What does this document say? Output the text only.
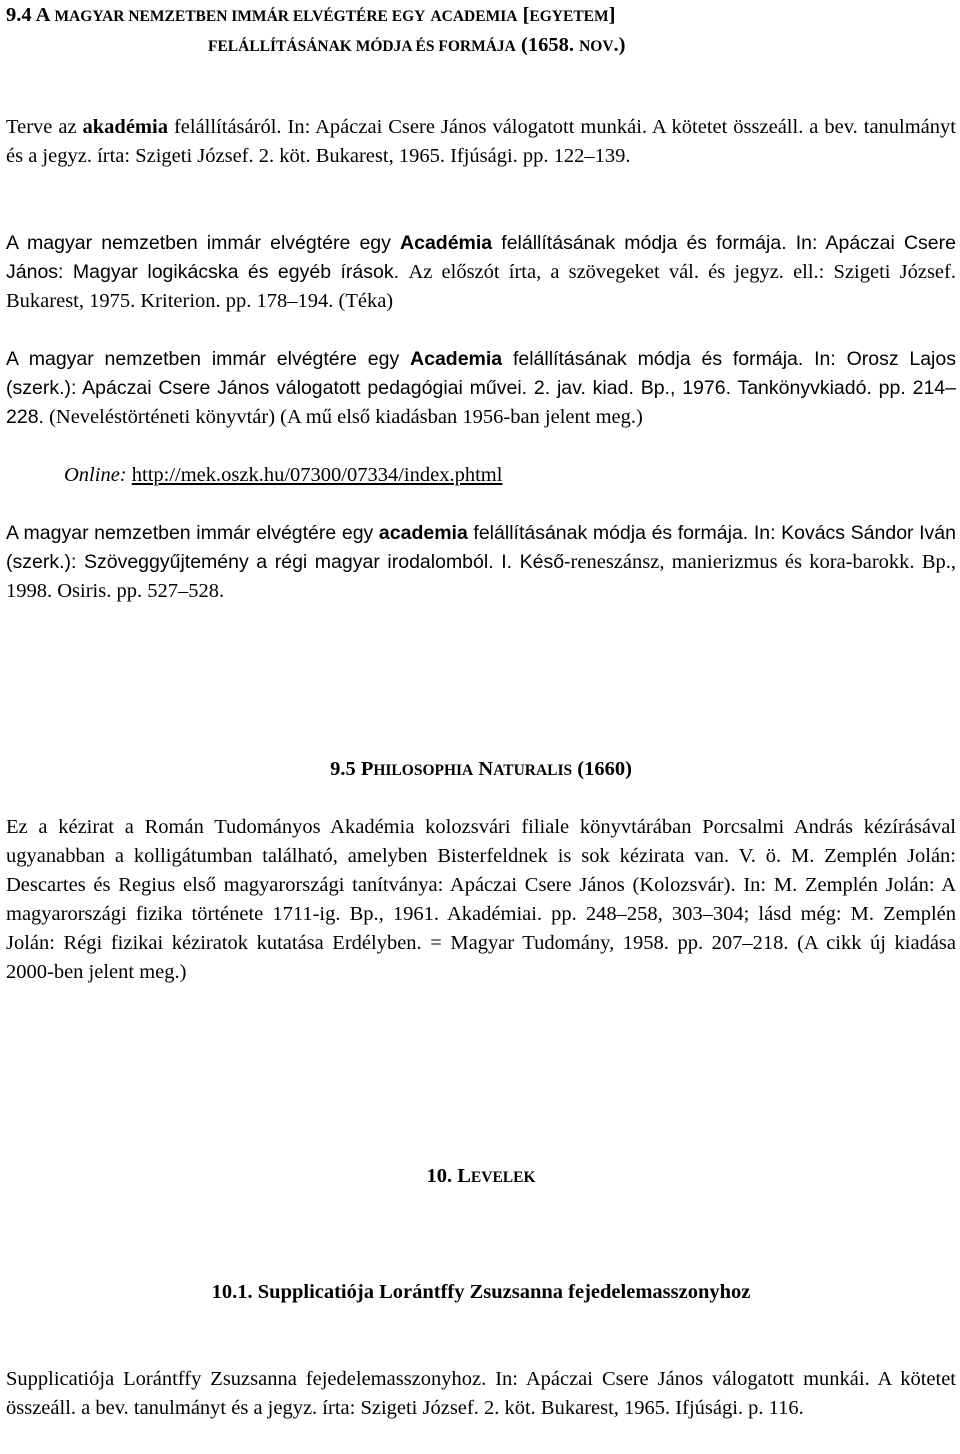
9.4 A MAGYAR NEMZETBEN IMMÁR ELVÉGTÉRE EGY ACADEMIA [EGYETEM]
FELÁLLÍTÁSÁNAK MÓDJA ÉS FORMÁJA (1658. NOV.)

Terve az akadémia felállításáról. In: Apáczai Csere János válogatott munkái. A kötetet összeáll. a bev. tanulmányt és a jegyz. írta: Szigeti József. 2. köt. Bukarest, 1965. Ifjúsági. pp. 122–139.

A magyar nemzetben immár elvégtére egy Académia felállításának módja és formája. In: Apáczai Csere János: Magyar logikácska és egyéb írások. Az előszót írta, a szövegeket vál. és jegyz. ell.: Szigeti József. Bukarest, 1975. Kriterion. pp. 178–194. (Téka)

A magyar nemzetben immár elvégtére egy Academia felállításának módja és formája. In: Orosz Lajos (szerk.): Apáczai Csere János válogatott pedagógiai művei. 2. jav. kiad. Bp., 1976. Tankönyvkiadó. pp. 214–228. (Neveléstörténeti könyvtár) (A mű első kiadásban 1956-ban jelent meg.)

Online: http://mek.oszk.hu/07300/07334/index.phtml

A magyar nemzetben immár elvégtére egy academia felállításának módja és formája. In: Kovács Sándor Iván (szerk.): Szöveggyűjtemény a régi magyar irodalomból. I. Késő-reneszánsz, manierizmus és kora-barokk. Bp., 1998. Osiris. pp. 527–528.

9.5 PHILOSOPHIA NATURALIS (1660)

Ez a kézirat a Román Tudományos Akadémia kolozsvári filiale könyvtárában Porcsalmi András kézírásával ugyanabban a kolligátumban található, amelyben Bisterfeldnek is sok kézirata van. V. ö. M. Zemplén Jolán: Descartes és Regius első magyarországi tanítványa: Apáczai Csere János (Kolozsvár). In: M. Zemplén Jolán: A magyarországi fizika története 1711-ig. Bp., 1961. Akadémiai. pp. 248–258, 303–304; lásd még: M. Zemplén Jolán: Régi fizikai kéziratok kutatása Erdélyben. = Magyar Tudomány, 1958. pp. 207–218. (A cikk új kiadása 2000-ben jelent meg.)

10. LEVELEK
10.1. Supplicatiója Lorántffy Zsuzsanna fejedelemasszonyhoz

Supplicatiója Lorántffy Zsuzsanna fejedelemasszonyhoz. In: Apáczai Csere János válogatott munkái. A kötetet összeáll. a bev. tanulmányt és a jegyz. írta: Szigeti József. 2. köt. Bukarest, 1965. Ifjúsági. p. 116.
